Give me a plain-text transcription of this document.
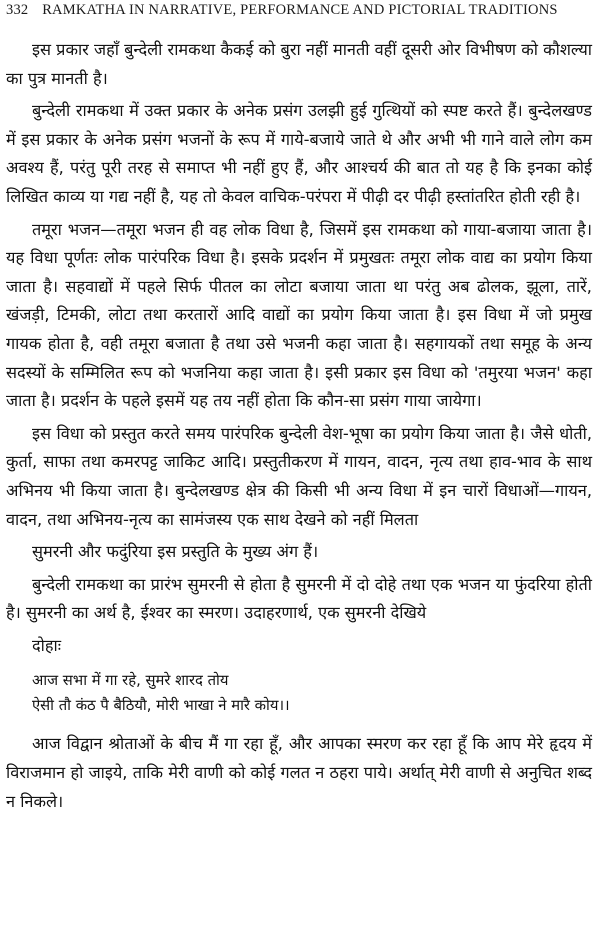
332 RAMKATHA IN NARRATIVE, PERFORMANCE AND PICTORIAL TRADITIONS

इस प्रकार जहाँ बुन्देली रामकथा कैकई को बुरा नहीं मानती वहीं दूसरी ओर विभीषण को कौशल्या का पुत्र मानती है।

बुन्देली रामकथा में उक्त प्रकार के अनेक प्रसंग उलझी हुई गुत्थियों को स्पष्ट करते हैं। बुन्देलखण्ड में इस प्रकार के अनेक प्रसंग भजनों के रूप में गाये-बजाये जाते थे और अभी भी गाने वाले लोग कम अवश्य हैं, परंतु पूरी तरह से समाप्त भी नहीं हुए हैं, और आश्चर्य की बात तो यह है कि इनका कोई लिखित काव्य या गद्य नहीं है, यह तो केवल वाचिक-परंपरा में पीढ़ी दर पीढ़ी हस्तांतरित होती रही है।

तमूरा भजन—तमूरा भजन ही वह लोक विधा है, जिसमें इस रामकथा को गाया-बजाया जाता है। यह विधा पूर्णतः लोक पारंपरिक विधा है। इसके प्रदर्शन में प्रमुखतः तमूरा लोक वाद्य का प्रयोग किया जाता है। सहवाद्यों में पहले सिर्फ पीतल का लोटा बजाया जाता था परंतु अब ढोलक, झूला, तारें, खंजड़ी, टिमकी, लोटा तथा करतारों आदि वाद्यों का प्रयोग किया जाता है। इस विधा में जो प्रमुख गायक होता है, वही तमूरा बजाता है तथा उसे भजनी कहा जाता है। सहगायकों तथा समूह के अन्य सदस्यों के सम्मिलित रूप को भजनिया कहा जाता है। इसी प्रकार इस विधा को 'तमुरया भजन' कहा जाता है। प्रदर्शन के पहले इसमें यह तय नहीं होता कि कौन-सा प्रसंग गाया जायेगा।

इस विधा को प्रस्तुत करते समय पारंपरिक बुन्देली वेश-भूषा का प्रयोग किया जाता है। जैसे धोती, कुर्ता, साफा तथा कमरपट्ट जाकिट आदि। प्रस्तुतीकरण में गायन, वादन, नृत्य तथा हाव-भाव के साथ अभिनय भी किया जाता है। बुन्देलखण्ड क्षेत्र की किसी भी अन्य विधा में इन चारों विधाओं—गायन, वादन, तथा अभिनय-नृत्य का सामंजस्य एक साथ देखने को नहीं मिलता

सुमरनी और फदुंरिया इस प्रस्तुति के मुख्य अंग हैं।

बुन्देली रामकथा का प्रारंभ सुमरनी से होता है सुमरनी में दो दोहे तथा एक भजन या फुंदरिया होती है। सुमरनी का अर्थ है, ईश्वर का स्मरण। उदाहरणार्थ, एक सुमरनी देखिये

दोहाः
आज सभा में गा रहे, सुमरे शारद तोय
ऐसी तौ कंठ पै बैठियौ, मोरी भाखा ने मारै कोय।।

आज विद्वान श्रोताओं के बीच मैं गा रहा हूँ, और आपका स्मरण कर रहा हूँ कि आप मेरे हृदय में विराजमान हो जाइये, ताकि मेरी वाणी को कोई गलत न ठहरा पाये। अर्थात् मेरी वाणी से अनुचित शब्द न निकले।
